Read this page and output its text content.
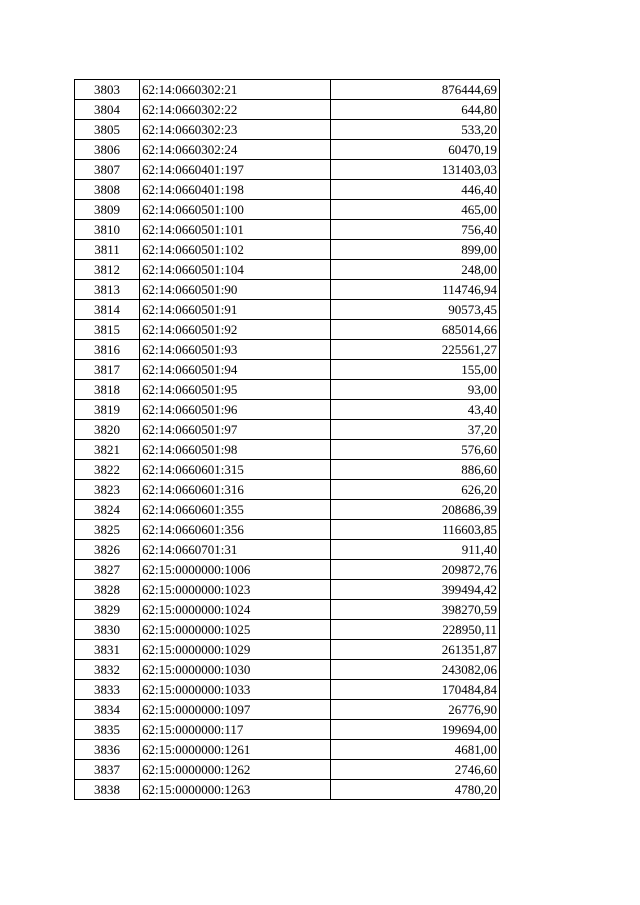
3803	62:14:0660302:21	876444,69
3804	62:14:0660302:22	644,80
3805	62:14:0660302:23	533,20
3806	62:14:0660302:24	60470,19
3807	62:14:0660401:197	131403,03
3808	62:14:0660401:198	446,40
3809	62:14:0660501:100	465,00
3810	62:14:0660501:101	756,40
3811	62:14:0660501:102	899,00
3812	62:14:0660501:104	248,00
3813	62:14:0660501:90	114746,94
3814	62:14:0660501:91	90573,45
3815	62:14:0660501:92	685014,66
3816	62:14:0660501:93	225561,27
3817	62:14:0660501:94	155,00
3818	62:14:0660501:95	93,00
3819	62:14:0660501:96	43,40
3820	62:14:0660501:97	37,20
3821	62:14:0660501:98	576,60
3822	62:14:0660601:315	886,60
3823	62:14:0660601:316	626,20
3824	62:14:0660601:355	208686,39
3825	62:14:0660601:356	116603,85
3826	62:14:0660701:31	911,40
3827	62:15:0000000:1006	209872,76
3828	62:15:0000000:1023	399494,42
3829	62:15:0000000:1024	398270,59
3830	62:15:0000000:1025	228950,11
3831	62:15:0000000:1029	261351,87
3832	62:15:0000000:1030	243082,06
3833	62:15:0000000:1033	170484,84
3834	62:15:0000000:1097	26776,90
3835	62:15:0000000:117	199694,00
3836	62:15:0000000:1261	4681,00
3837	62:15:0000000:1262	2746,60
3838	62:15:0000000:1263	4780,20
